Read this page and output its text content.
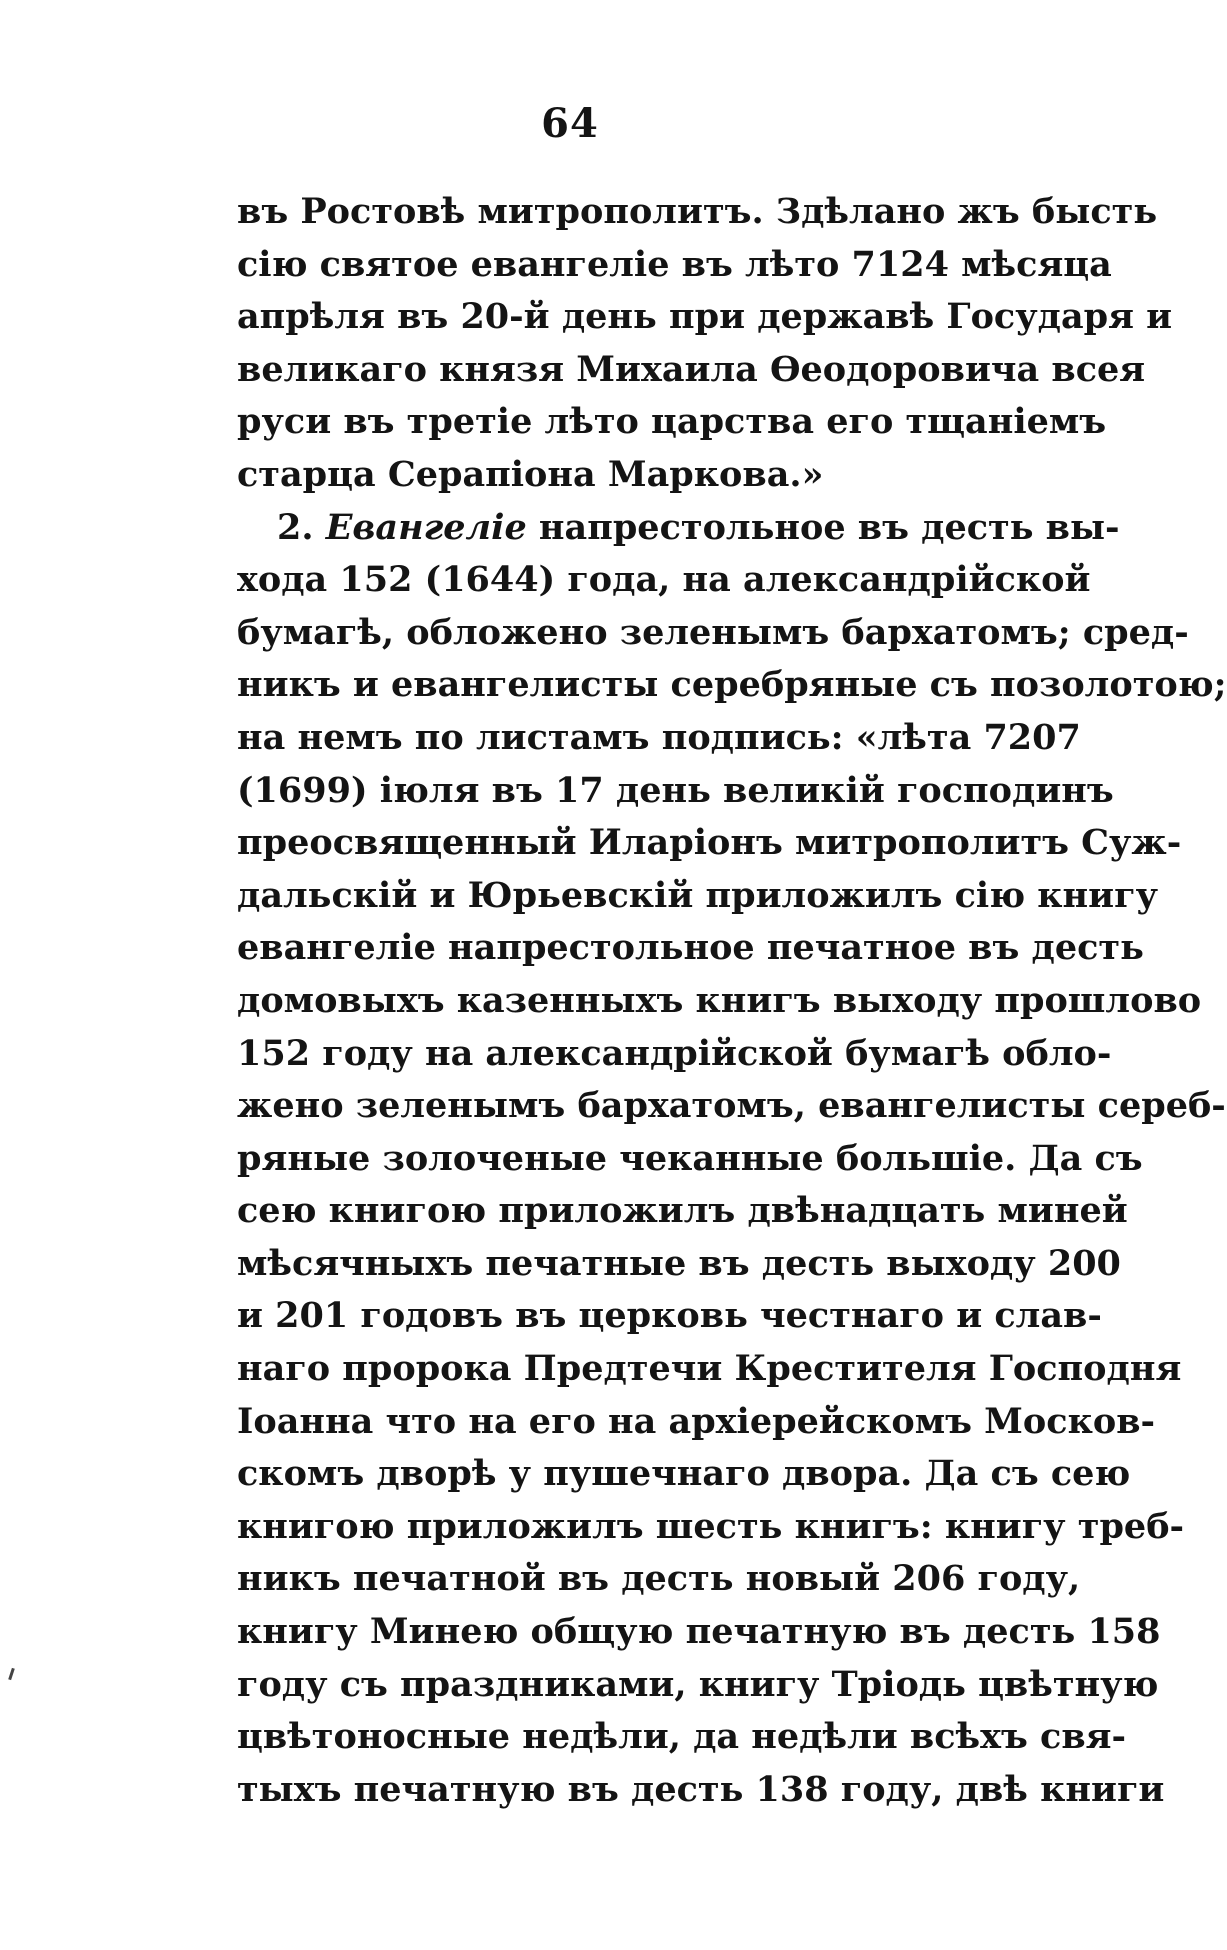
64
въ Ростовѣ митрополитъ. Здѣлано жъ бысть
сію святое евангеліе въ лѣто 7124 мѣсяца
апрѣля въ 20-й день при державѣ Государя и
великаго князя Михаила Өеодоровича всея
руси въ третіе лѣто царства его тщаніемъ
старца Серапіона Маркова.»
2. Евангеліе напрестольное въ десть вы-
хода 152 (1644) года, на александрійской
бумагѣ, обложено зеленымъ бархатомъ; сред-
никъ и евангелисты серебряные съ позолотою;
на немъ по листамъ подпись: «лѣта 7207
(1699) іюля въ 17 день великій господинъ
преосвященный Иларіонъ митрополитъ Суж-
дальскій и Юрьевскій приложилъ сію книгу
евангеліе напрестольное печатное въ десть
домовыхъ казенныхъ книгъ выходу прошлово
152 году на александрійской бумагѣ обло-
жено зеленымъ бархатомъ, евангелисты сереб-
ряные золоченые чеканные большіе. Да съ
сею книгою приложилъ двѣнадцать миней
мѣсячныхъ печатные въ десть выходу 200
и 201 годовъ въ церковь честнаго и слав-
наго пророка Предтечи Крестителя Господня
Іоанна что на его на архіерейскомъ Москов-
скомъ дворѣ у пушечнаго двора. Да съ сею
книгою приложилъ шесть книгъ: книгу треб-
никъ печатной въ десть новый 206 году,
книгу Минею общую печатную въ десть 158
году съ праздниками, книгу Тріодь цвѣтную
цвѣтоносные недѣли, да недѣли всѣхъ свя-
тыхъ печатную въ десть 138 году, двѣ книги
